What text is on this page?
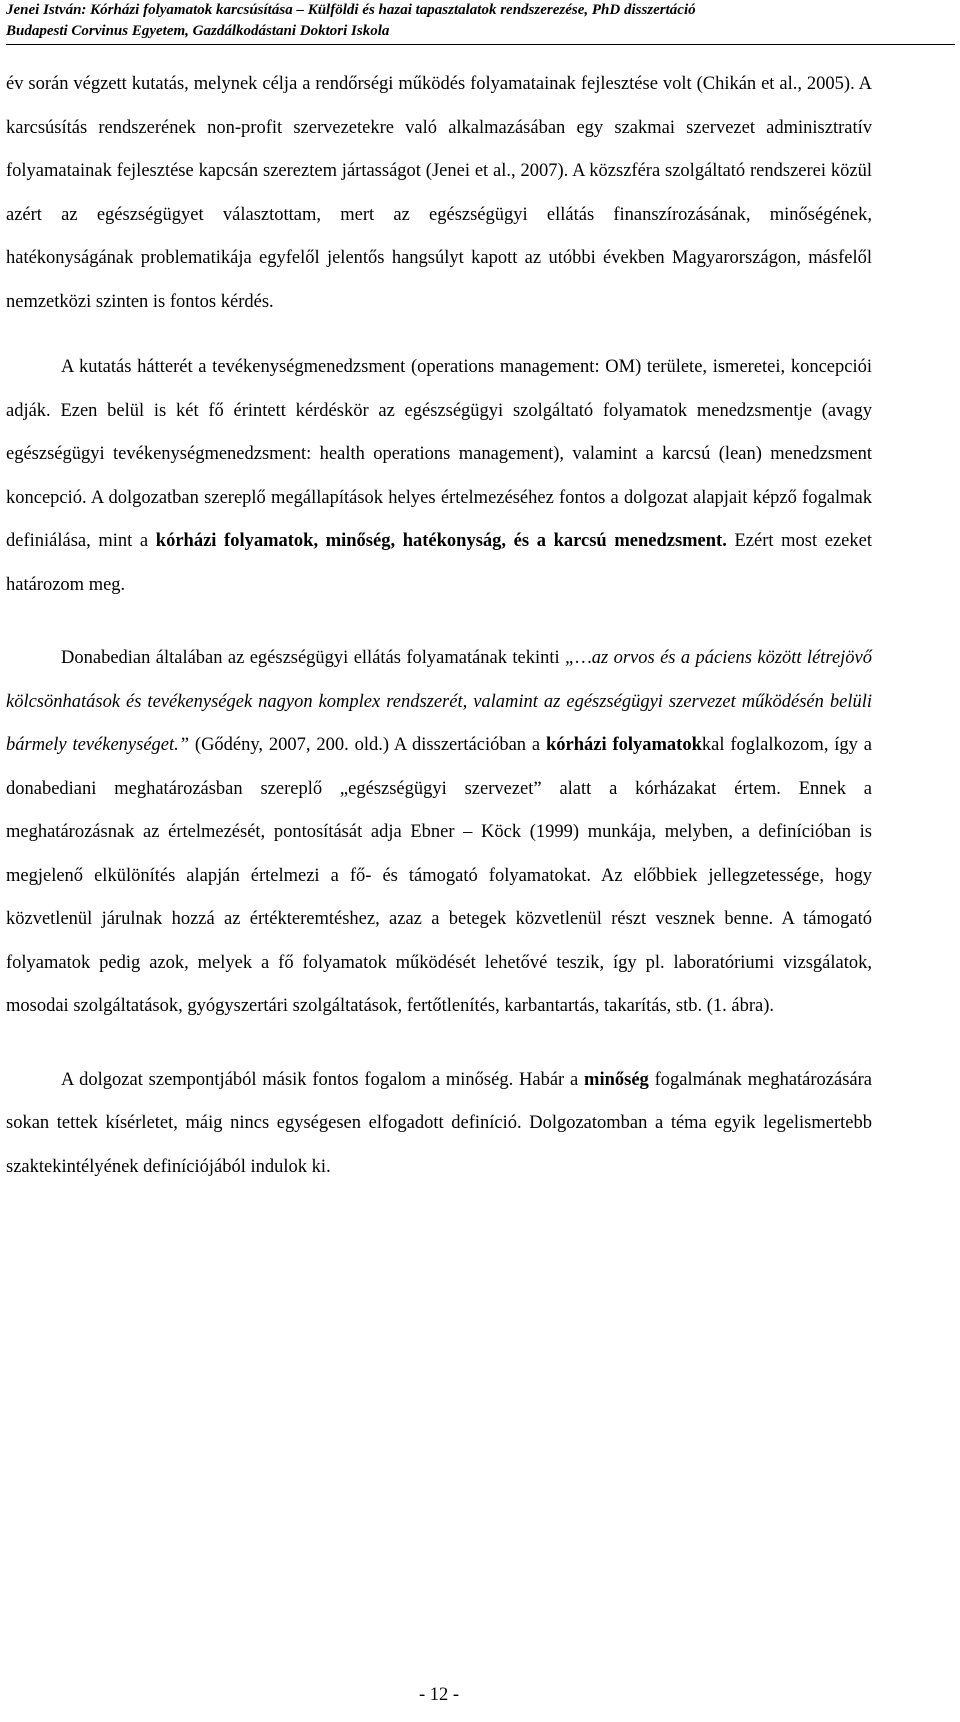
Jenei István: Kórházi folyamatok karcsúsítása – Külföldi és hazai tapasztalatok rendszerezése, PhD disszertáció
Budapesti Corvinus Egyetem, Gazdálkodástani Doktori Iskola

év során végzett kutatás, melynek célja a rendőrségi működés folyamatainak fejlesztése volt (Chikán et al., 2005). A karcsúsítás rendszerének non-profit szervezetekre való alkalmazásában egy szakmai szervezet adminisztratív folyamatainak fejlesztése kapcsán szereztem jártasságot (Jenei et al., 2007). A közszféra szolgáltató rendszerei közül azért az egészségügyet választottam, mert az egészségügyi ellátás finanszírozásának, minőségének, hatékonyságának problematikája egyfelől jelentős hangsúlyt kapott az utóbbi években Magyarországon, másfelől nemzetközi szinten is fontos kérdés.

A kutatás hátterét a tevékenységmenedzsment (operations management: OM) területe, ismeretei, koncepciói adják. Ezen belül is két fő érintett kérdéskör az egészségügyi szolgáltató folyamatok menedzsmentje (avagy egészségügyi tevékenységmenedzsment: health operations management), valamint a karcsú (lean) menedzsment koncepció. A dolgozatban szereplő megállapítások helyes értelmezéséhez fontos a dolgozat alapjait képző fogalmak definiálása, mint a kórházi folyamatok, minőség, hatékonyság, és a karcsú menedzsment. Ezért most ezeket határozom meg.

Donabedian általában az egészségügyi ellátás folyamatának tekinti „…az orvos és a páciens között létrejövő kölcsönhatások és tevékenységek nagyon komplex rendszerét, valamint az egészségügyi szervezet működésén belüli bármely tevékenységet.” (Gődény, 2007, 200. old.) A disszertációban a kórházi folyamatokkal foglalkozom, így a donabediani meghatározásban szereplő „egészségügyi szervezet” alatt a kórházakat értem. Ennek a meghatározásnak az értelmezését, pontosítását adja Ebner – Köck (1999) munkája, melyben, a definícióban is megjelenő elkülönítés alapján értelmezi a fő- és támogató folyamatokat. Az előbbiek jellegzetessége, hogy közvetlenül járulnak hozzá az értékteremtéshez, azaz a betegek közvetlenül részt vesznek benne. A támogató folyamatok pedig azok, melyek a fő folyamatok működését lehetővé teszik, így pl. laboratóriumi vizsgálatok, mosodai szolgáltatások, gyógyszertári szolgáltatások, fertőtlenítés, karbantartás, takarítás, stb. (1. ábra).

A dolgozat szempontjából másik fontos fogalom a minőség. Habár a minőség fogalmának meghatározására sokan tettek kísérletet, máig nincs egységesen elfogadott definíció. Dolgozatomban a téma egyik legelismertebb szaktekintélyének definíciójából indulok ki.

- 12 -
